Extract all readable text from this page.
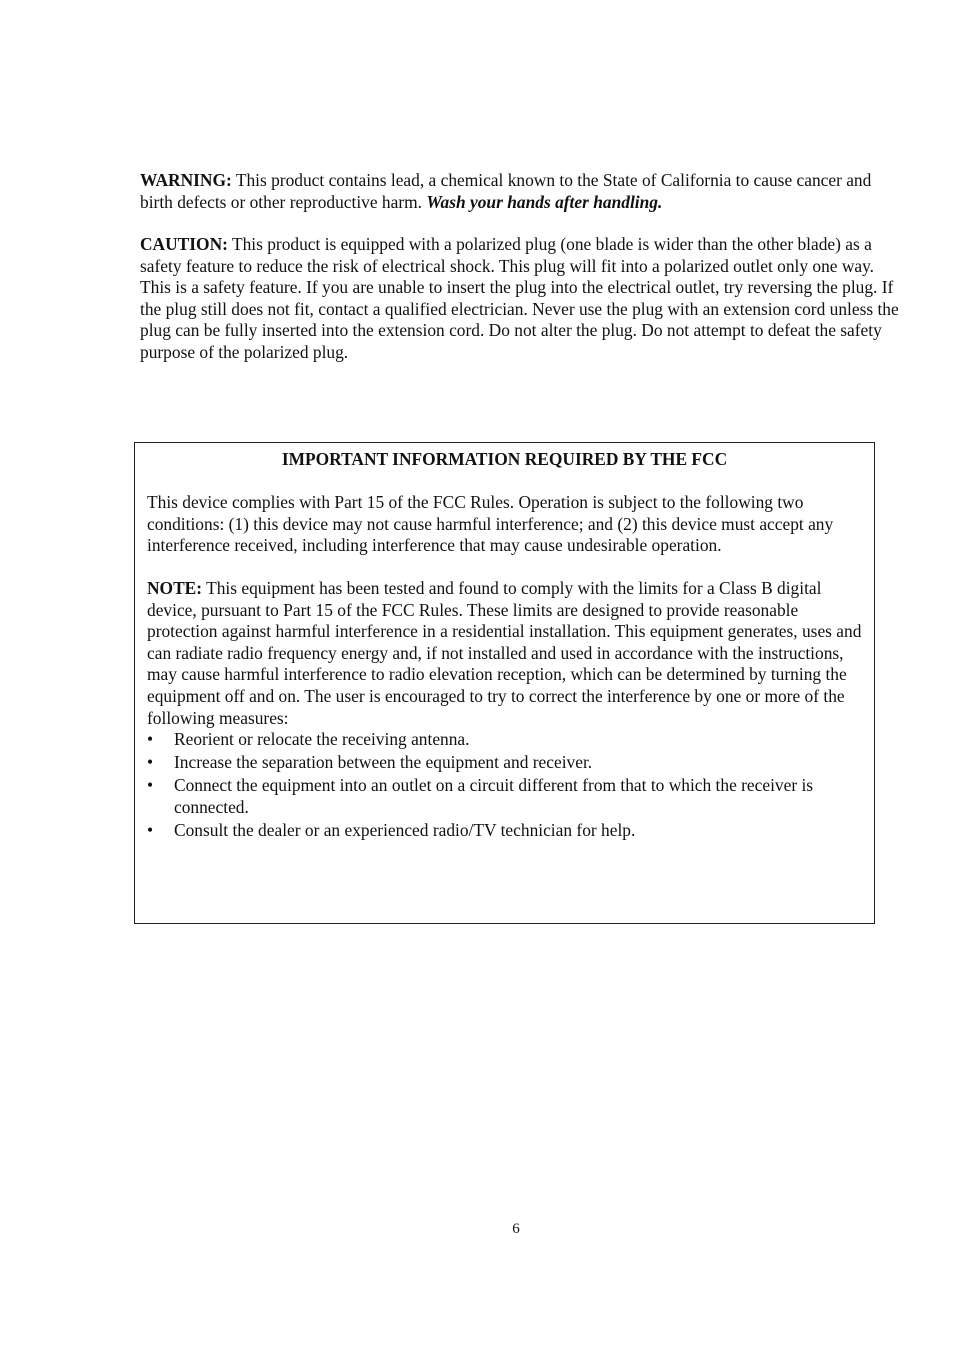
WARNING: This product contains lead, a chemical known to the State of California to cause cancer and birth defects or other reproductive harm. Wash your hands after handling.

CAUTION: This product is equipped with a polarized plug (one blade is wider than the other blade) as a safety feature to reduce the risk of electrical shock. This plug will fit into a polarized outlet only one way. This is a safety feature. If you are unable to insert the plug into the electrical outlet, try reversing the plug. If the plug still does not fit, contact a qualified electrician. Never use the plug with an extension cord unless the plug can be fully inserted into the extension cord. Do not alter the plug. Do not attempt to defeat the safety purpose of the polarized plug.

IMPORTANT INFORMATION REQUIRED BY THE FCC

This device complies with Part 15 of the FCC Rules. Operation is subject to the following two conditions: (1) this device may not cause harmful interference; and (2) this device must accept any interference received, including interference that may cause undesirable operation.

NOTE: This equipment has been tested and found to comply with the limits for a Class B digital device, pursuant to Part 15 of the FCC Rules. These limits are designed to provide reasonable protection against harmful interference in a residential installation. This equipment generates, uses and can radiate radio frequency energy and, if not installed and used in accordance with the instructions, may cause harmful interference to radio elevation reception, which can be determined by turning the equipment off and on. The user is encouraged to try to correct the interference by one or more of the following measures:

• Reorient or relocate the receiving antenna.
• Increase the separation between the equipment and receiver.
• Connect the equipment into an outlet on a circuit different from that to which the receiver is connected.
• Consult the dealer or an experienced radio/TV technician for help.

6
